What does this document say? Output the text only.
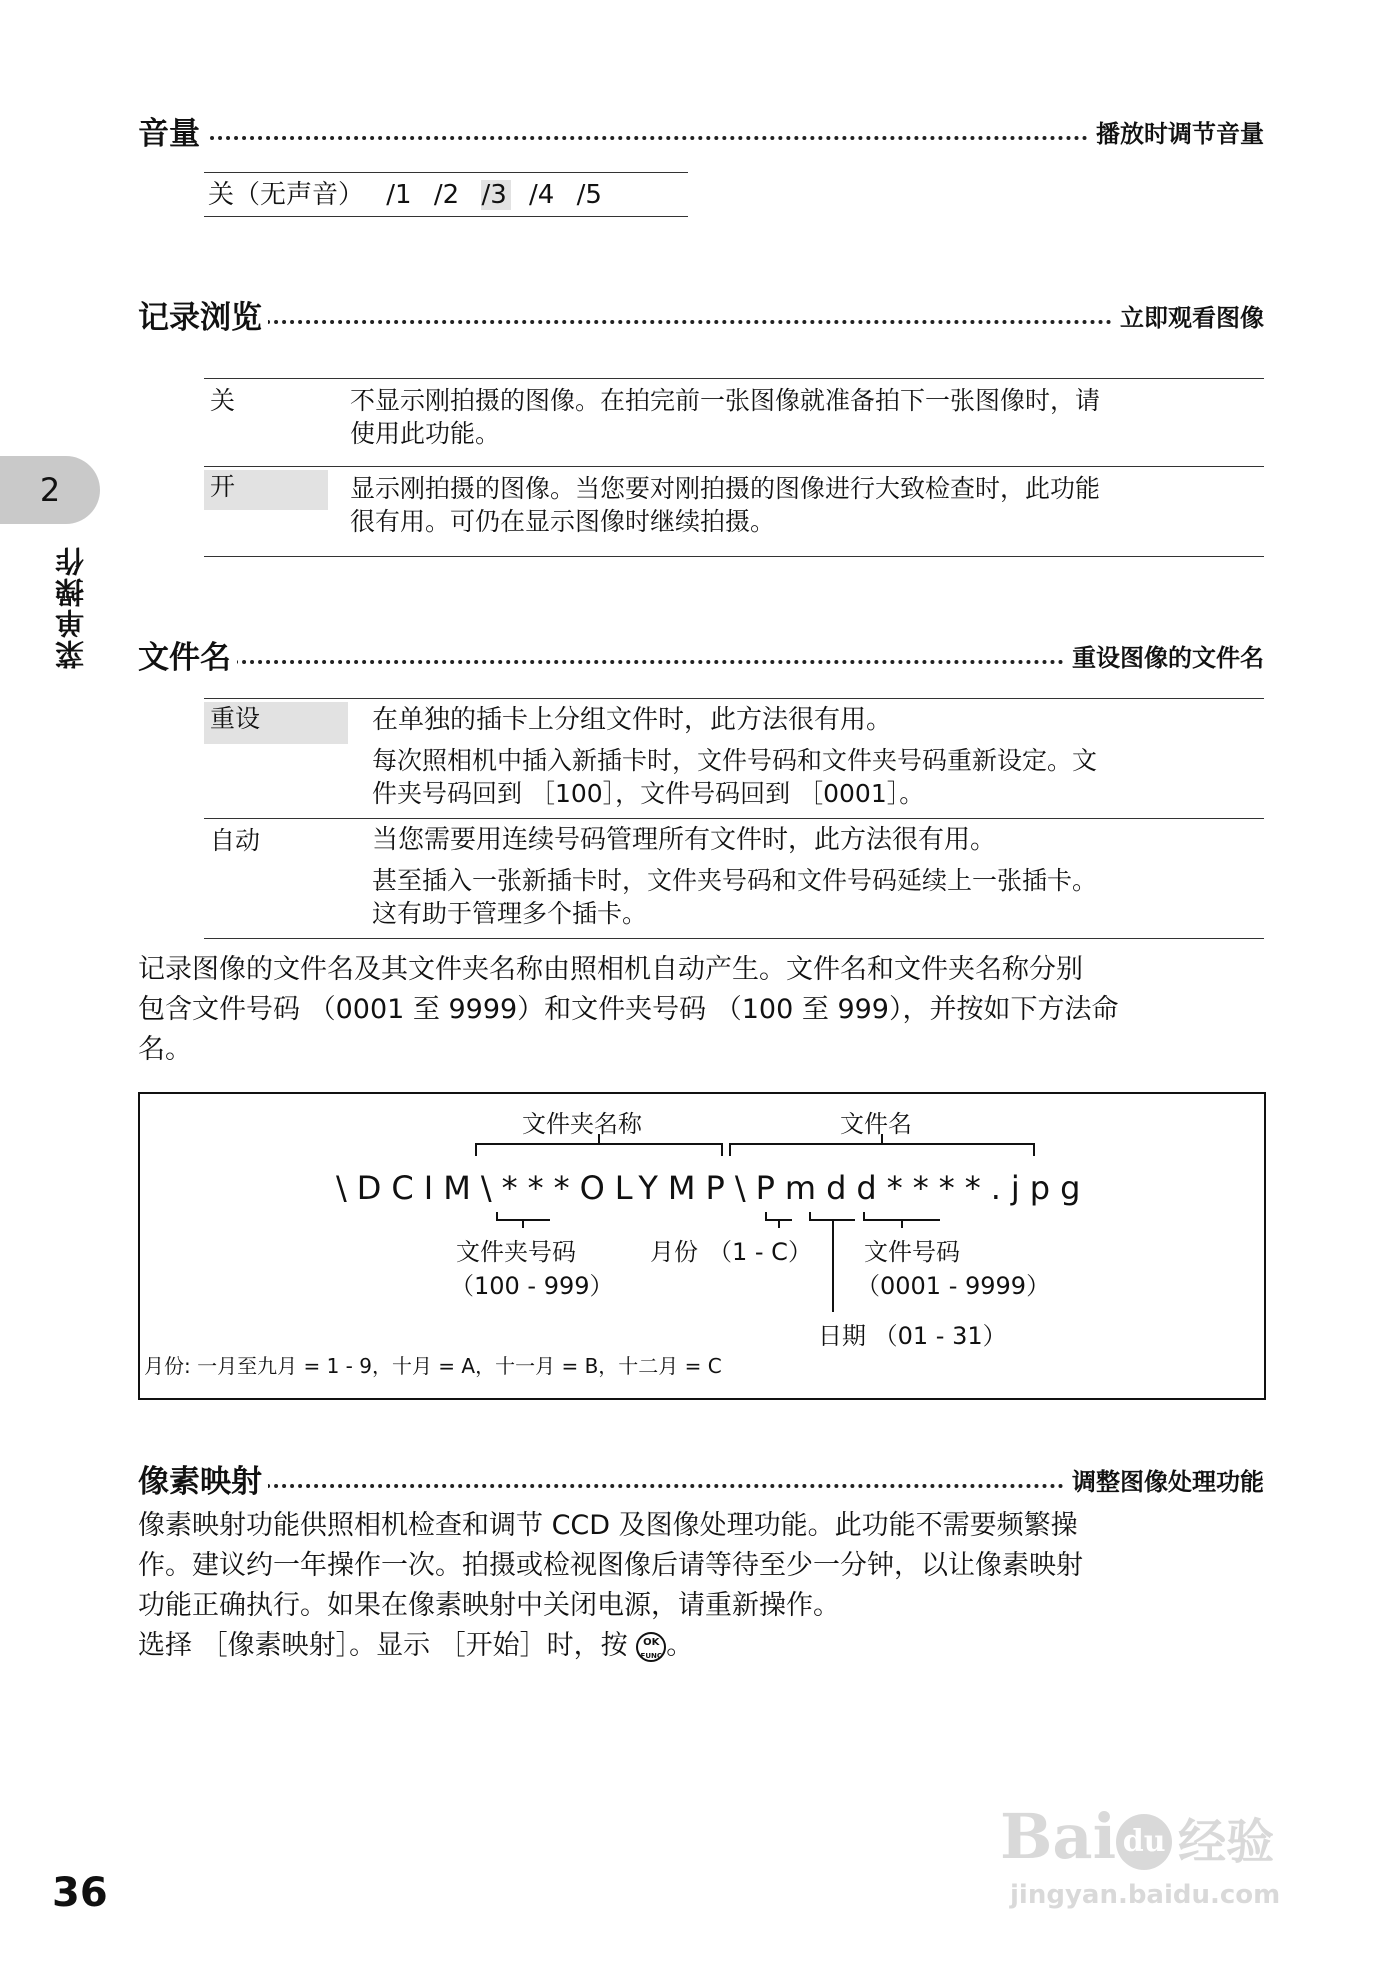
2
菜单操作
音量	播放时调节音量
关（无声音） /1 /2 /3 /4 /5
记录浏览	立即观看图像
关	不显示刚拍摄的图像。在拍完前一张图像就准备拍下一张图像时，请
使用此功能。
开	显示刚拍摄的图像。当您要对刚拍摄的图像进行大致检查时，此功能
很有用。可仍在显示图像时继续拍摄。
文件名	重设图像的文件名
重设	在单独的插卡上分组文件时，此方法很有用。
每次照相机中插入新插卡时，文件号码和文件夹号码重新设定。文
件夹号码回到 ［100］，文件号码回到 ［0001］。
自动	当您需要用连续号码管理所有文件时，此方法很有用。
甚至插入一张新插卡时，文件夹号码和文件号码延续上一张插卡。
这有助于管理多个插卡。
记录图像的文件名及其文件夹名称由照相机自动产生。文件名和文件夹名称分别
包含文件号码 （0001 至 9999）和文件夹号码 （100 至 999），并按如下方法命
名。
文件夹名称	文件名
\DCIM\***OLYMP\Pmdd****.jpg
文件夹号码
（100 - 999）
月份 （1 - C） 文件号码
（0001 - 9999）
日期 （01 - 31）
月份: 一月至九月 = 1 - 9，十月 = A，十一月 = B，十二月 = C
像素映射	调整图像处理功能
像素映射功能供照相机检查和调节 CCD 及图像处理功能。此功能不需要频繁操
作。建议约一年操作一次。拍摄或检视图像后请等待至少一分钟，以让像素映射
功能正确执行。如果在像素映射中关闭电源，请重新操作。
选择 ［像素映射］。显示 ［开始］时，按 OK
FUNC 。
36
Bai du 经验
jingyan.baidu.com
